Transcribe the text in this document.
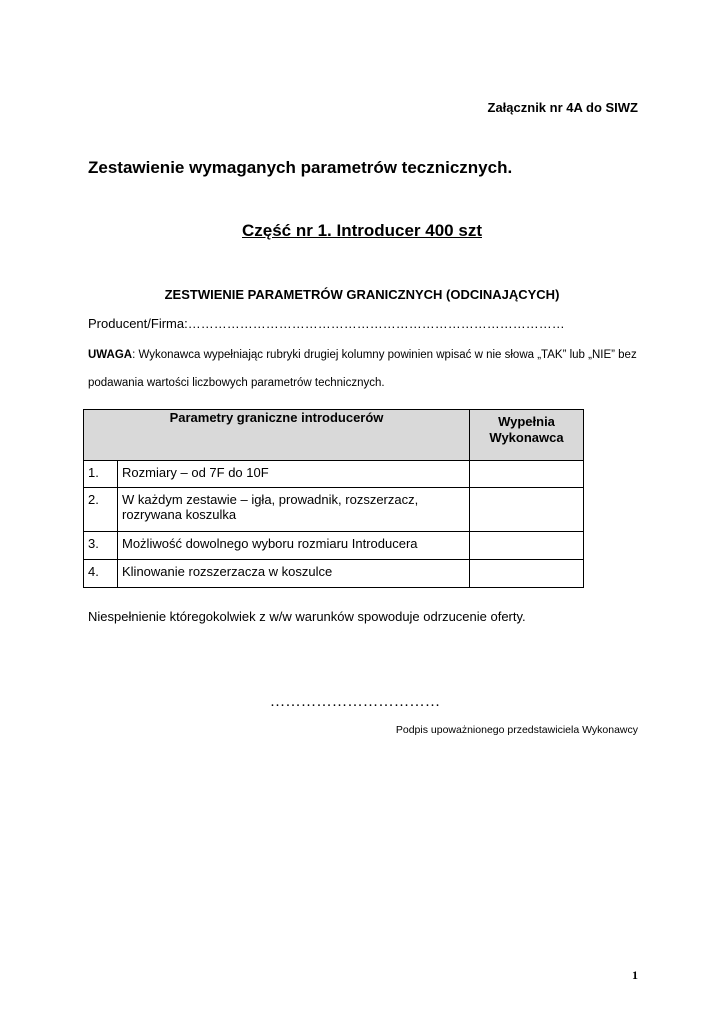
Załącznik nr 4A do SIWZ
Zestawienie wymaganych parametrów tecznicznych.
Część nr 1. Introducer 400 szt
ZESTWIENIE PARAMETRÓW GRANICZNYCH (ODCINAJĄCYCH)
Producent/Firma:……………………………………………………………………………
UWAGA: Wykonawca wypełniając rubryki drugiej kolumny powinien wpisać w nie słowa „TAK” lub „NIE” bez podawania wartości liczbowych parametrów technicznych.
Parametry graniczne introducerów		Wypełnia
Wykonawca
1.	Rozmiary – od 7F do 10F	
2.	W każdym zestawie – igła, prowadnik, rozszerzacz, rozrywana koszulka	
3.	Możliwość dowolnego wyboru rozmiaru Introducera	
4.	Klinowanie rozszerzacza w koszulce	
Niespełnienie któregokolwiek z w/w warunków spowoduje odrzucenie oferty.
……………………………
Podpis upoważnionego przedstawiciela Wykonawcy
1
